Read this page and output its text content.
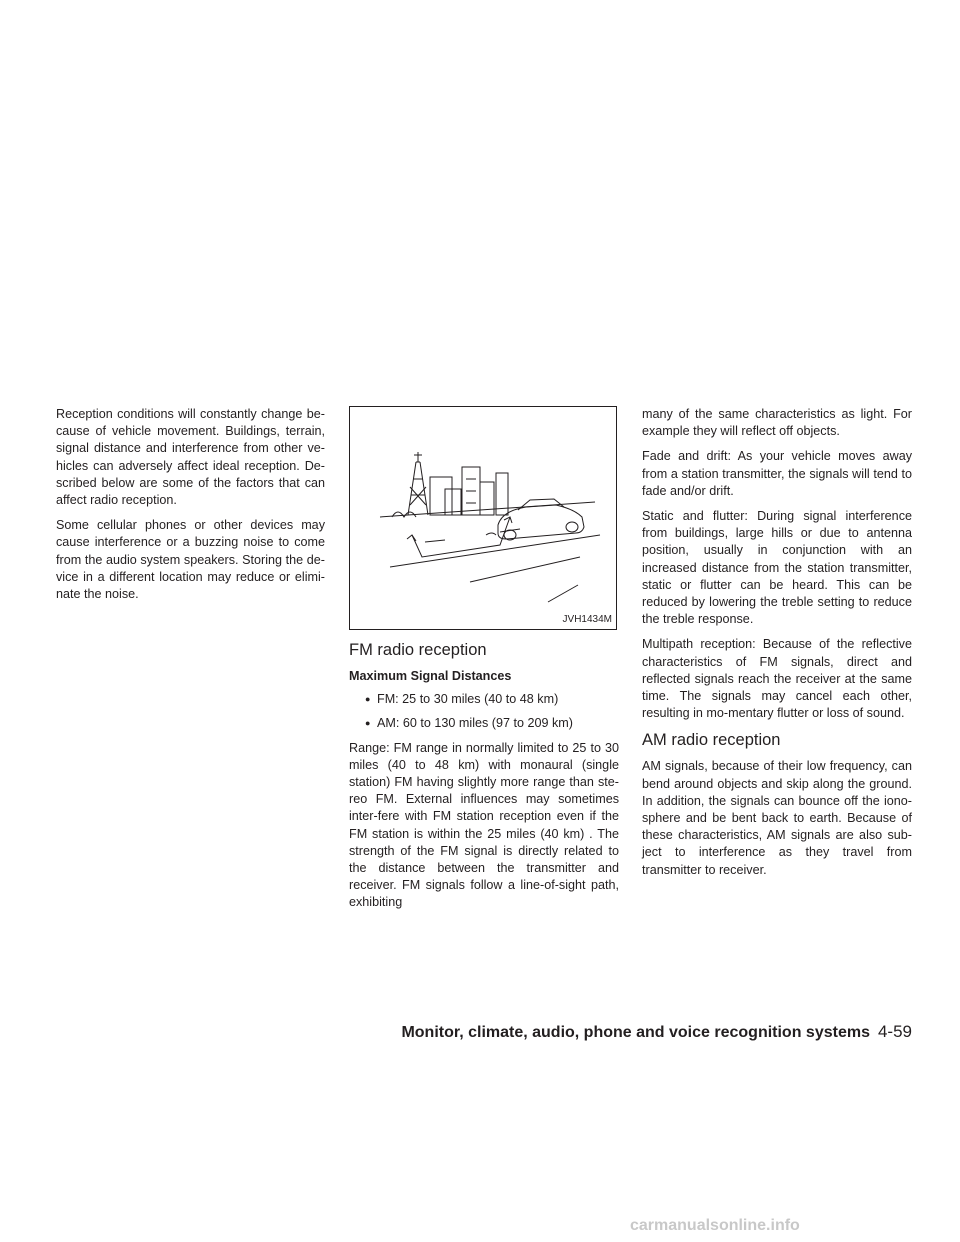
Reception conditions will constantly change be-cause of vehicle movement. Buildings, terrain, signal distance and interference from other ve-hicles can adversely affect ideal reception. De-scribed below are some of the factors that can affect radio reception.

Some cellular phones or other devices may cause interference or a buzzing noise to come from the audio system speakers. Storing the de-vice in a different location may reduce or elimi-nate the noise.

JVH1434M
FM radio reception
Maximum Signal Distances
● FM: 25 to 30 miles (40 to 48 km)
● AM: 60 to 130 miles (97 to 209 km)

Range: FM range in normally limited to 25 to 30 miles (40 to 48 km) with monaural (single station) FM having slightly more range than ste-reo FM. External influences may sometimes inter-fere with FM station reception even if the FM station is within the 25 miles (40 km) . The strength of the FM signal is directly related to the distance between the transmitter and receiver. FM signals follow a line-of-sight path, exhibiting

many of the same characteristics as light. For example they will reflect off objects.

Fade and drift: As your vehicle moves away from a station transmitter, the signals will tend to fade and/or drift.

Static and flutter: During signal interference from buildings, large hills or due to antenna position, usually in conjunction with an increased distance from the station transmitter, static or flutter can be heard. This can be reduced by lowering the treble setting to reduce the treble response.

Multipath reception: Because of the reflective characteristics of FM signals, direct and reflected signals reach the receiver at the same time. The signals may cancel each other, resulting in mo-mentary flutter or loss of sound.

AM radio reception

AM signals, because of their low frequency, can bend around objects and skip along the ground. In addition, the signals can bounce off the iono-sphere and be bent back to earth. Because of these characteristics, AM signals are also sub-ject to interference as they travel from transmitter to receiver.

Monitor, climate, audio, phone and voice recognition systems 4-59
carmanualsonline.info
